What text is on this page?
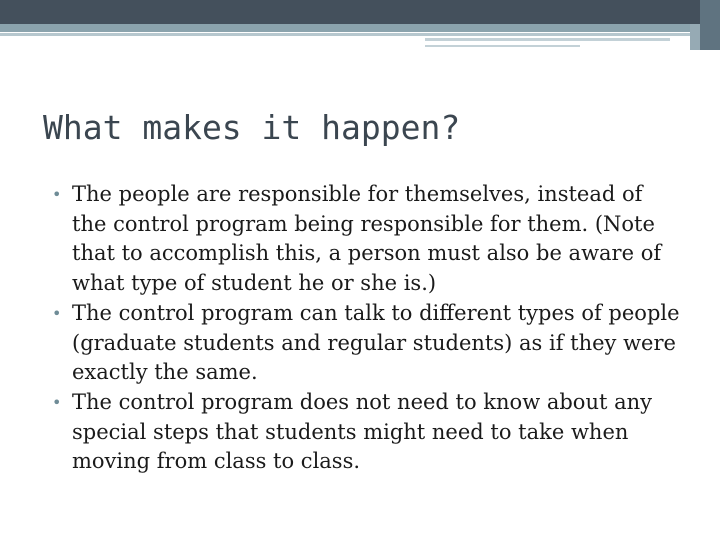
What makes it happen?
• The people are responsible for themselves, instead of the control program being responsible for them. (Note that to accomplish this, a person must also be aware of what type of student he or she is.)
• The control program can talk to different types of people (graduate students and regular students) as if they were exactly the same.
• The control program does not need to know about any special steps that students might need to take when moving from class to class.
